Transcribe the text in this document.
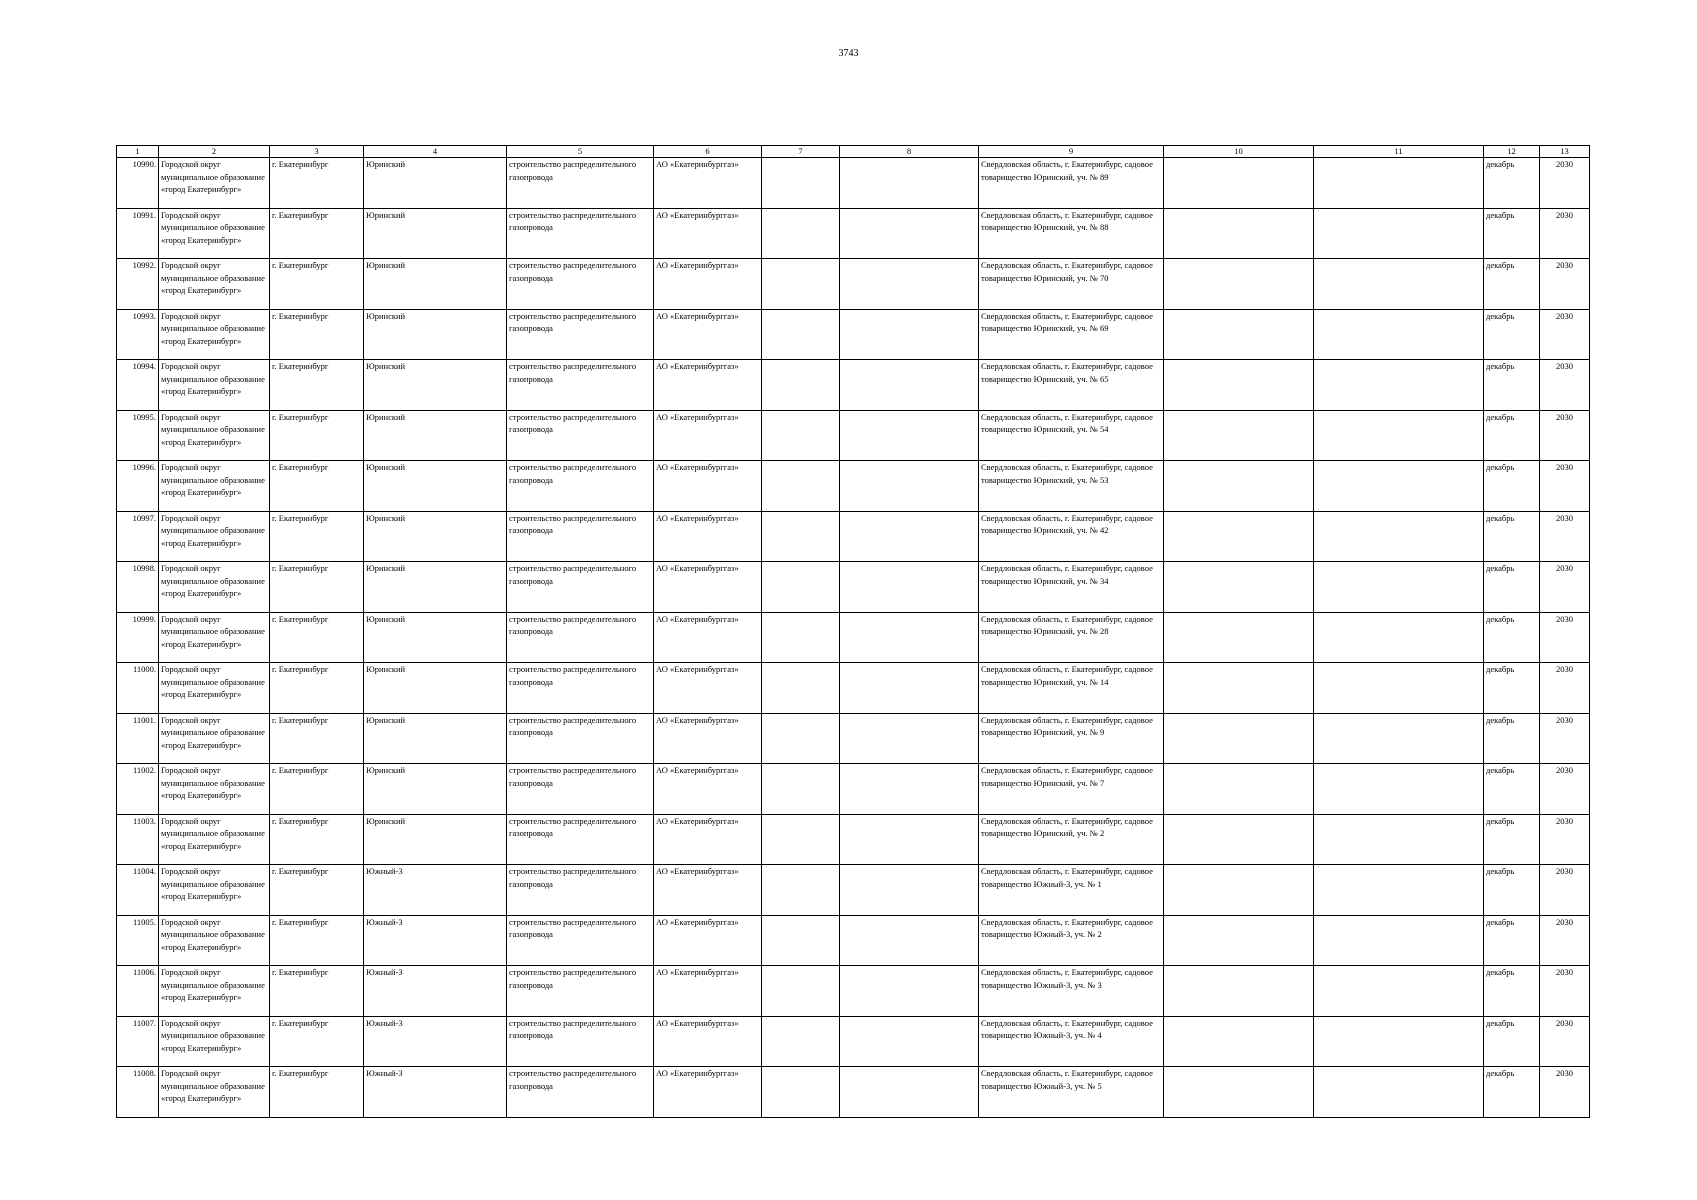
3743
1	2	3	4	5	6	7	8	9	10	11	12	13
10990.	Городской округ муниципальное образование «город Екатеринбург»	г. Екатеринбург	Юринский	строительство распределительного газопровода	АО «Екатеринбурггаз»			Свердловская область, г. Екатеринбург, садовое товарищество Юринский, уч. № 89			декабрь	2030
10991.	Городской округ муниципальное образование «город Екатеринбург»	г. Екатеринбург	Юринский	строительство распределительного газопровода	АО «Екатеринбурггаз»			Свердловская область, г. Екатеринбург, садовое товарищество Юринский, уч. № 88			декабрь	2030
10992.	Городской округ муниципальное образование «город Екатеринбург»	г. Екатеринбург	Юринский	строительство распределительного газопровода	АО «Екатеринбурггаз»			Свердловская область, г. Екатеринбург, садовое товарищество Юринский, уч. № 70			декабрь	2030
10993.	Городской округ муниципальное образование «город Екатеринбург»	г. Екатеринбург	Юринский	строительство распределительного газопровода	АО «Екатеринбурггаз»			Свердловская область, г. Екатеринбург, садовое товарищество Юринский, уч. № 69			декабрь	2030
10994.	Городской округ муниципальное образование «город Екатеринбург»	г. Екатеринбург	Юринский	строительство распределительного газопровода	АО «Екатеринбурггаз»			Свердловская область, г. Екатеринбург, садовое товарищество Юринский, уч. № 65			декабрь	2030
10995.	Городской округ муниципальное образование «город Екатеринбург»	г. Екатеринбург	Юринский	строительство распределительного газопровода	АО «Екатеринбурггаз»			Свердловская область, г. Екатеринбург, садовое товарищество Юринский, уч. № 54			декабрь	2030
10996.	Городской округ муниципальное образование «город Екатеринбург»	г. Екатеринбург	Юринский	строительство распределительного газопровода	АО «Екатеринбурггаз»			Свердловская область, г. Екатеринбург, садовое товарищество Юринский, уч. № 53			декабрь	2030
10997.	Городской округ муниципальное образование «город Екатеринбург»	г. Екатеринбург	Юринский	строительство распределительного газопровода	АО «Екатеринбурггаз»			Свердловская область, г. Екатеринбург, садовое товарищество Юринский, уч. № 42			декабрь	2030
10998.	Городской округ муниципальное образование «город Екатеринбург»	г. Екатеринбург	Юринский	строительство распределительного газопровода	АО «Екатеринбурггаз»			Свердловская область, г. Екатеринбург, садовое товарищество Юринский, уч. № 34			декабрь	2030
10999.	Городской округ муниципальное образование «город Екатеринбург»	г. Екатеринбург	Юринский	строительство распределительного газопровода	АО «Екатеринбурггаз»			Свердловская область, г. Екатеринбург, садовое товарищество Юринский, уч. № 28			декабрь	2030
11000.	Городской округ муниципальное образование «город Екатеринбург»	г. Екатеринбург	Юринский	строительство распределительного газопровода	АО «Екатеринбурггаз»			Свердловская область, г. Екатеринбург, садовое товарищество Юринский, уч. № 14			декабрь	2030
11001.	Городской округ муниципальное образование «город Екатеринбург»	г. Екатеринбург	Юринский	строительство распределительного газопровода	АО «Екатеринбурггаз»			Свердловская область, г. Екатеринбург, садовое товарищество Юринский, уч. № 9			декабрь	2030
11002.	Городской округ муниципальное образование «город Екатеринбург»	г. Екатеринбург	Юринский	строительство распределительного газопровода	АО «Екатеринбурггаз»			Свердловская область, г. Екатеринбург, садовое товарищество Юринский, уч. № 7			декабрь	2030
11003.	Городской округ муниципальное образование «город Екатеринбург»	г. Екатеринбург	Юринский	строительство распределительного газопровода	АО «Екатеринбурггаз»			Свердловская область, г. Екатеринбург, садовое товарищество Юринский, уч. № 2			декабрь	2030
11004.	Городской округ муниципальное образование «город Екатеринбург»	г. Екатеринбург	Южный-3	строительство распределительного газопровода	АО «Екатеринбурггаз»			Свердловская область, г. Екатеринбург, садовое товарищество Южный-3, уч. № 1			декабрь	2030
11005.	Городской округ муниципальное образование «город Екатеринбург»	г. Екатеринбург	Южный-3	строительство распределительного газопровода	АО «Екатеринбурггаз»			Свердловская область, г. Екатеринбург, садовое товарищество Южный-3, уч. № 2			декабрь	2030
11006.	Городской округ муниципальное образование «город Екатеринбург»	г. Екатеринбург	Южный-3	строительство распределительного газопровода	АО «Екатеринбурггаз»			Свердловская область, г. Екатеринбург, садовое товарищество Южный-3, уч. № 3			декабрь	2030
11007.	Городской округ муниципальное образование «город Екатеринбург»	г. Екатеринбург	Южный-3	строительство распределительного газопровода	АО «Екатеринбурггаз»			Свердловская область, г. Екатеринбург, садовое товарищество Южный-3, уч. № 4			декабрь	2030
11008.	Городской округ муниципальное образование «город Екатеринбург»	г. Екатеринбург	Южный-3	строительство распределительного газопровода	АО «Екатеринбурггаз»			Свердловская область, г. Екатеринбург, садовое товарищество Южный-3, уч. № 5			декабрь	2030
